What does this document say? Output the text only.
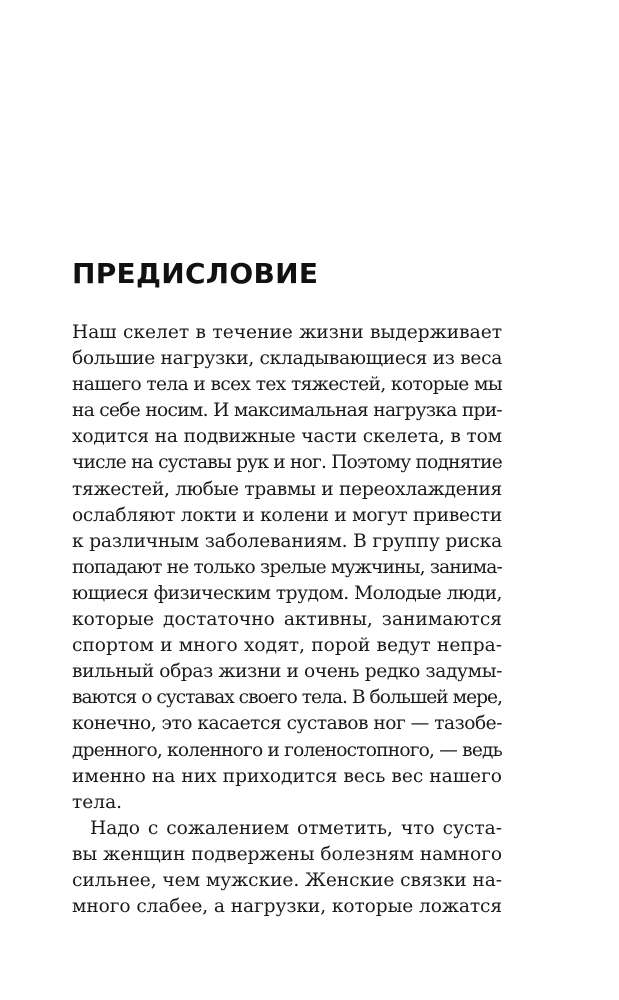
ПРЕДИСЛОВИЕ
Наш скелет в течение жизни выдерживает
большие нагрузки, складывающиеся из веса
нашего тела и всех тех тяжестей, которые мы
на себе носим. И максимальная нагрузка при-
ходится на подвижные части скелета, в том
числе на суставы рук и ног. Поэтому поднятие
тяжестей, любые травмы и переохлаждения
ослабляют локти и колени и могут привести
к различным заболеваниям. В группу риска
попадают не только зрелые мужчины, занима-
ющиеся физическим трудом. Молодые люди,
которые достаточно активны, занимаются
спортом и много ходят, порой ведут непра-
вильный образ жизни и очень редко задумы-
ваются о суставах своего тела. В большей мере,
конечно, это касается суставов ног — тазобе-
дренного, коленного и голеностопного, — ведь
именно на них приходится весь вес нашего
тела.
Надо с сожалением отметить, что суста-
вы женщин подвержены болезням намного
сильнее, чем мужские. Женские связки на-
много слабее, а нагрузки, которые ложатся
